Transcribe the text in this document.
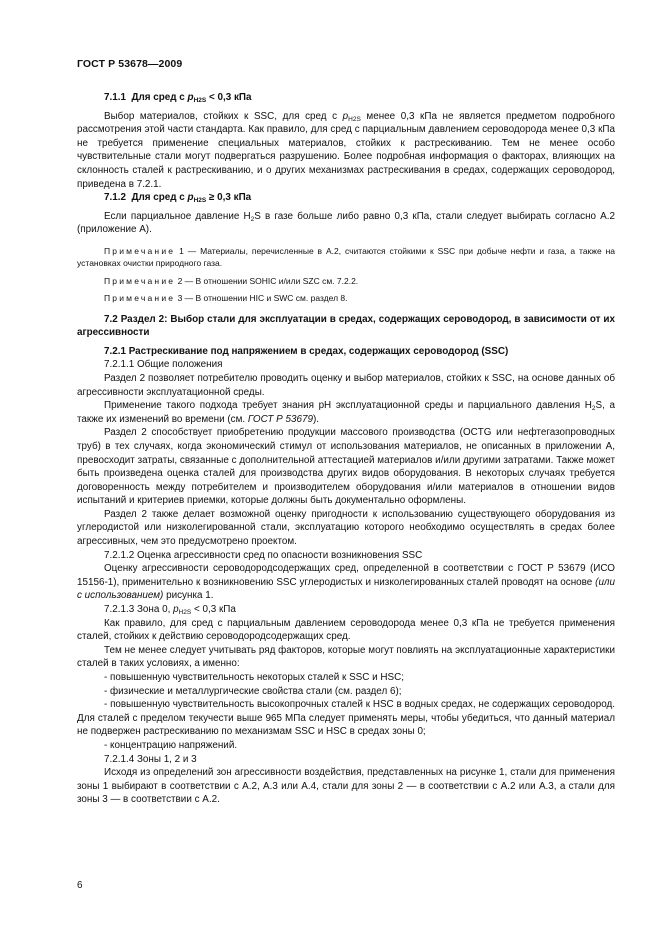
ГОСТ Р 53678—2009

7.1.1 Для сред с $p_{H2S} < 0,3$ кПа

Выбор материалов, стойких к SSC, для сред с $p_{H2S}$ менее 0,3 кПа не является предметом подробного рассмотрения этой части стандарта. Как правило, для сред с парциальным давлением сероводорода менее 0,3 кПа не требуется применение специальных материалов, стойких к растрескиванию. Тем не менее особо чувствительные стали могут подвергаться разрушению. Более подробная информация о факторах, влияющих на склонность сталей к растрескиванию, и о других механизмах растрескивания в средах, содержащих сероводород, приведена в 7.2.1.

7.1.2 Для сред с $p_{H2S} \ge 0,3$ кПа

Если парциальное давление $H_2S$ в газе больше либо равно 0,3 кПа, стали следует выбирать согласно А.2 (приложение А).

Примечание 1 — Материалы, перечисленные в А.2, считаются стойкими к SSC при добыче нефти и газа, а также на установках очистки природного газа.

Примечание 2 — В отношении SOHIC и/или SZC см. 7.2.2.

Примечание 3 — В отношении HIC и SWC см. раздел 8.

7.2 Раздел 2: Выбор стали для эксплуатации в средах, содержащих сероводород, в зависимости от их агрессивности

7.2.1 Растрескивание под напряжением в средах, содержащих сероводород (SSC)

7.2.1.1 Общие положения

Раздел 2 позволяет потребителю проводить оценку и выбор материалов, стойких к SSC, на основе данных об агрессивности эксплуатационной среды.

Применение такого подхода требует знания pH эксплуатационной среды и парциального давления $H_2S$, а также их изменений во времени (см. ГОСТ Р 53679).

Раздел 2 способствует приобретению продукции массового производства (OCTG или нефтегазопроводных труб) в тех случаях, когда экономический стимул от использования материалов, не описанных в приложении А, превосходит затраты, связанные с дополнительной аттестацией материалов и/или другими затратами. Также может быть произведена оценка сталей для производства других видов оборудования. В некоторых случаях требуется договоренность между потребителем и производителем оборудования и/или материалов в отношении видов испытаний и критериев приемки, которые должны быть документально оформлены.

Раздел 2 также делает возможной оценку пригодности к использованию существующего оборудования из углеродистой или низколегированной стали, эксплуатацию которого необходимо осуществлять в средах более агрессивных, чем это предусмотрено проектом.

7.2.1.2 Оценка агрессивности сред по опасности возникновения SSC

Оценку агрессивности сероводородсодержащих сред, определенной в соответствии с ГОСТ Р 53679 (ИСО 15156-1), применительно к возникновению SSC углеродистых и низколегированных сталей проводят на основе (или с использованием) рисунка 1.

7.2.1.3 Зона 0, $p_{H2S} < 0,3$ кПа

Как правило, для сред с парциальным давлением сероводорода менее 0,3 кПа не требуется применения сталей, стойких к действию сероводородсодержащих сред.

Тем не менее следует учитывать ряд факторов, которые могут повлиять на эксплуатационные характеристики сталей в таких условиях, а именно:

- повышенную чувствительность некоторых сталей к SSC и HSC;

- физические и металлургические свойства стали (см. раздел 6);

- повышенную чувствительность высокопрочных сталей к HSC в водных средах, не содержащих сероводород. Для сталей с пределом текучести выше 965 МПа следует применять меры, чтобы убедиться, что данный материал не подвержен растрескиванию по механизмам SSC и HSC в средах зоны 0;

- концентрацию напряжений.

7.2.1.4 Зоны 1, 2 и 3

Исходя из определений зон агрессивности воздействия, представленных на рисунке 1, стали для применения зоны 1 выбирают в соответствии с А.2, А.3 или А.4, стали для зоны 2 — в соответствии с А.2 или А.3, а стали для зоны 3 — в соответствии с А.2.

6
